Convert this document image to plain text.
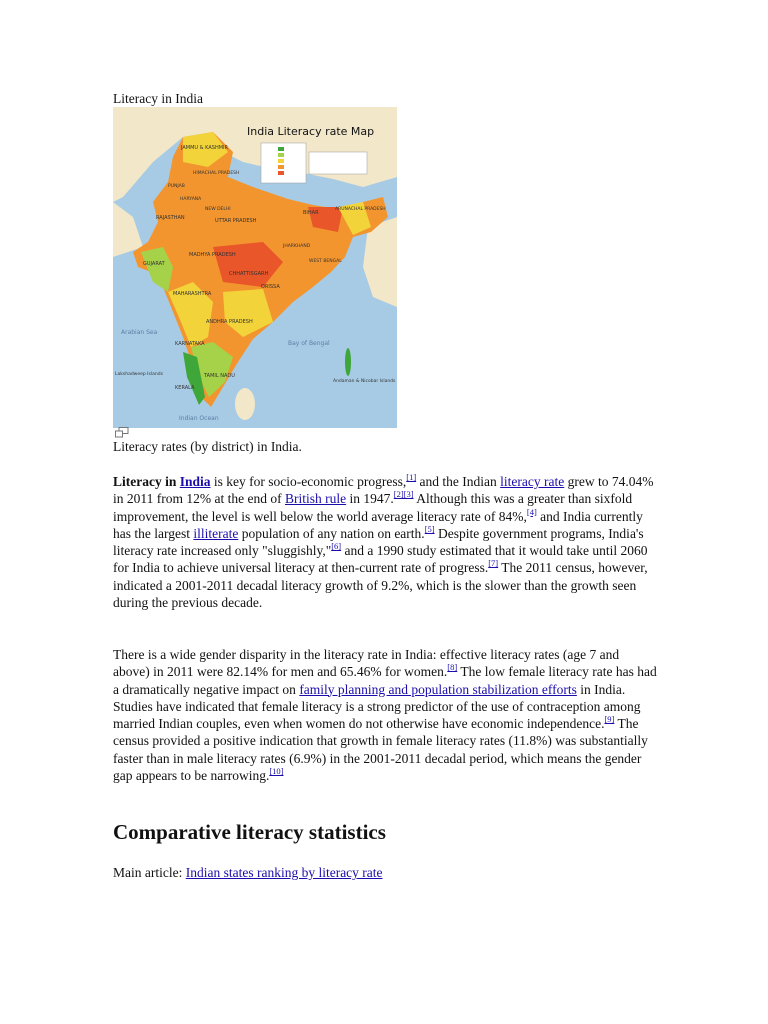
Literacy in India
India Literacy rate Map
JAMMU & KASHMIR
HIMACHAL PRADESH
PUNJAB
HARYANA
NEW DELHI
RAJASTHAN	UTTAR PRADESH
BIHAR
ARUNACHAL PRADESH
MADHYA PRADESH
GUJARAT
CHHATTISGARH
JHARKHAND
WEST BENGAL
ORISSA
MAHARASHTRA
ANDHRA PRADESH
KARNATAKA
TAMIL NADU
KERALA
Arabian Sea
Bay of Bengal
Lakshadweep Islands
Andaman & Nicobar Islands
Indian Ocean
Literacy rates (by district) in India.

Literacy in India is key for socio-economic progress,[1] and the Indian literacy rate grew to 74.04% in 2011 from 12% at the end of British rule in 1947.[2][3] Although this was a greater than sixfold improvement, the level is well below the world average literacy rate of 84%,[4] and India currently has the largest illiterate population of any nation on earth.[5] Despite government programs, India's literacy rate increased only "sluggishly,"[6] and a 1990 study estimated that it would take until 2060 for India to achieve universal literacy at then-current rate of progress.[7] The 2011 census, however, indicated a 2001-2011 decadal literacy growth of 9.2%, which is the slower than the growth seen during the previous decade.

There is a wide gender disparity in the literacy rate in India: effective literacy rates (age 7 and above) in 2011 were 82.14% for men and 65.46% for women.[8] The low female literacy rate has had a dramatically negative impact on family planning and population stabilization efforts in India. Studies have indicated that female literacy is a strong predictor of the use of contraception among married Indian couples, even when women do not otherwise have economic independence.[9] The census provided a positive indication that growth in female literacy rates (11.8%) was substantially faster than in male literacy rates (6.9%) in the 2001-2011 decadal period, which means the gender gap appears to be narrowing.[10]

Comparative literacy statistics
Main article: Indian states ranking by literacy rate
